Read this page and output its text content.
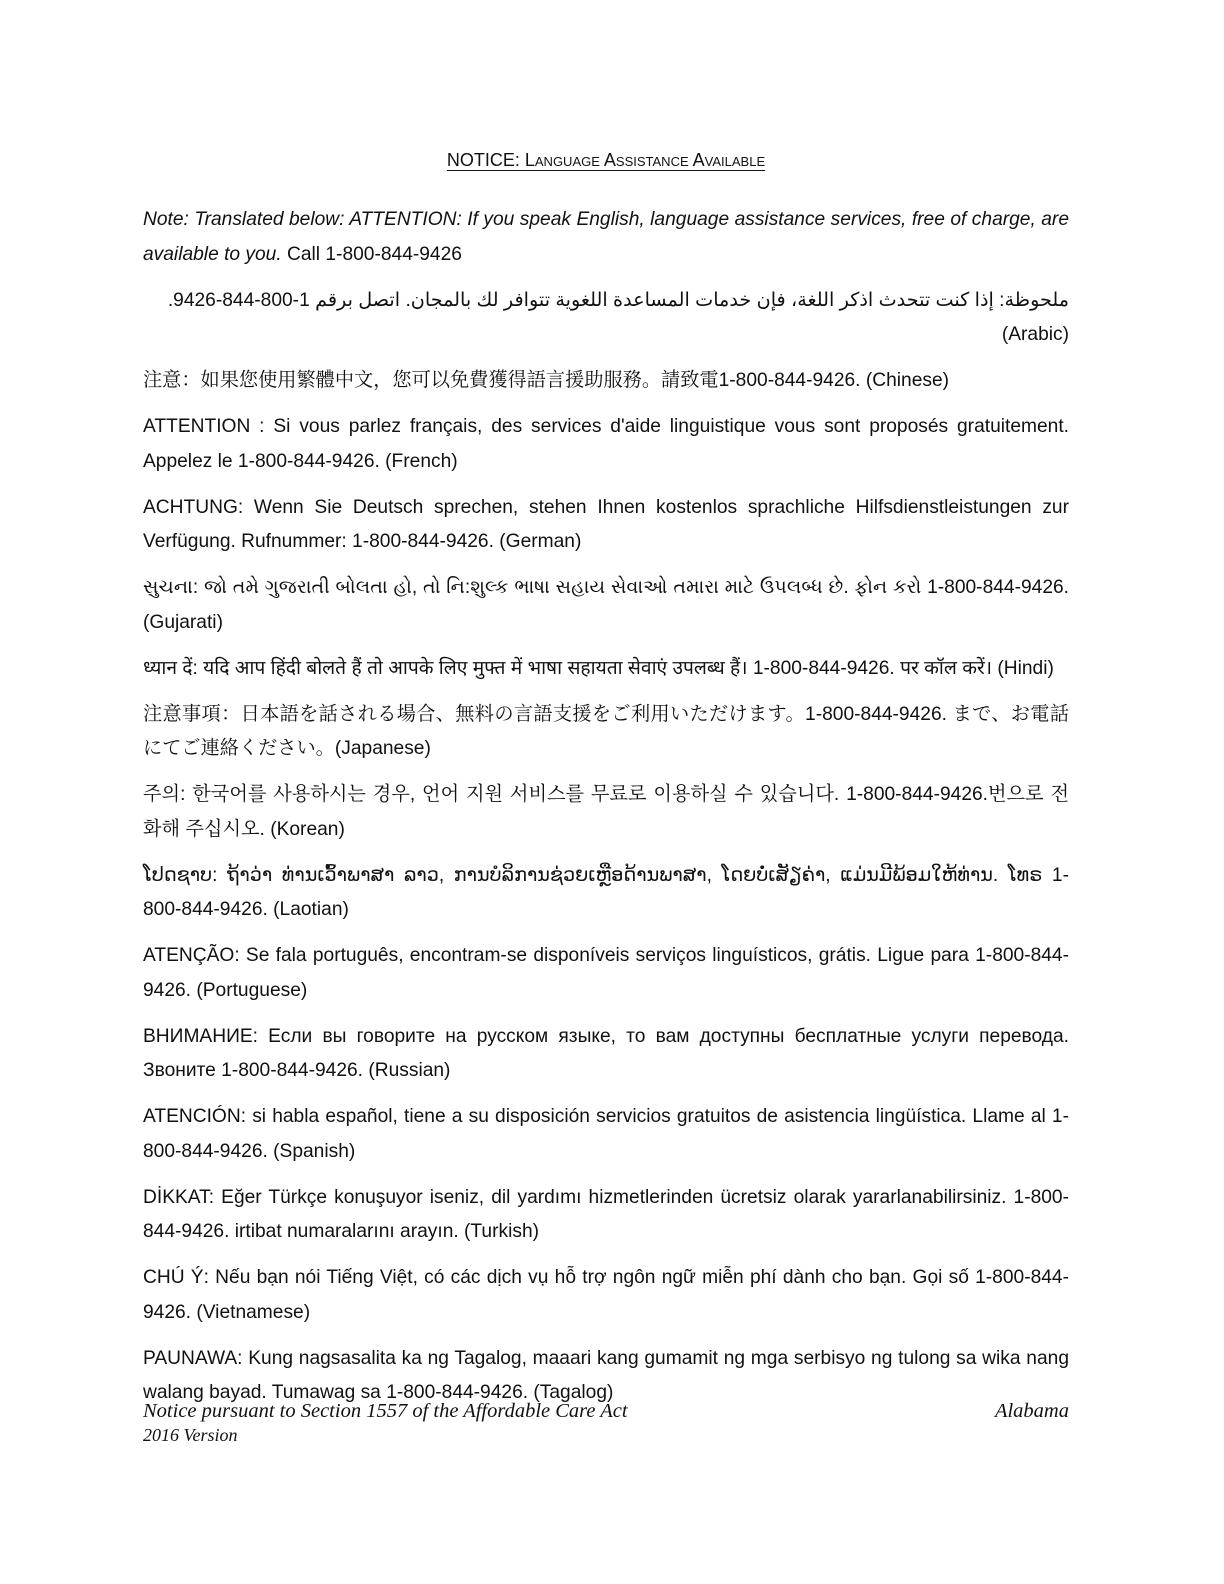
NOTICE: Language Assistance Available

Note: Translated below: ATTENTION: If you speak English, language assistance services, free of charge, are available to you. Call 1-800-844-9426

ملحوظة: إذا كنت تتحدث اذكر اللغة، فإن خدمات المساعدة اللغوية تتوافر لك بالمجان. اتصل برقم 1-800-844-9426.(Arabic)

注意：如果您使用繁體中文，您可以免費獲得語言援助服務。請致電1-800-844-9426. (Chinese)

ATTENTION : Si vous parlez français, des services d'aide linguistique vous sont proposés gratuitement. Appelez le 1-800-844-9426. (French)

ACHTUNG: Wenn Sie Deutsch sprechen, stehen Ihnen kostenlos sprachliche Hilfsdienstleistungen zur Verfügung. Rufnummer: 1-800-844-9426. (German)

સુચના: જો તમે ગુજરાતી બોલતા હો, તો નિ:શુલ્ક ભાષા સહાય સેવાઓ તમારા માટે ઉપલબ્ધ છે. ફોન કરો 1-800-844-9426. (Gujarati)

ध्यान दें: यदि आप हिंदी बोलते हैं तो आपके लिए मुफ्त में भाषा सहायता सेवाएं उपलब्ध हैं। 1-800-844-9426. पर कॉल करें। (Hindi)

注意事項：日本語を話される場合、無料の言語支援をご利用いただけます。1-800-844-9426. まで、お電話にてご連絡ください。(Japanese)

주의: 한국어를 사용하시는 경우, 언어 지원 서비스를 무료로 이용하실 수 있습니다. 1-800-844-9426.번으로 전화해 주십시오. (Korean)

ໂປດຊາບ: ຖ້າວ່າ ທ່ານເວົ້າພາສາ ລາວ, ການບໍລິການຊ່ວຍເຫຼືອດ້ານພາສາ, ໂດຍບໍ່ເສັຽຄ່າ, ແມ່ນມີພ້ອມໃຫ້ທ່ານ. ໂທຣ 1-800-844-9426. (Laotian)

ATENÇÃO: Se fala português, encontram-se disponíveis serviços linguísticos, grátis. Ligue para 1-800-844-9426. (Portuguese)

ВНИМАНИЕ: Если вы говорите на русском языке, то вам доступны бесплатные услуги перевода. Звоните 1-800-844-9426. (Russian)

ATENCIÓN: si habla español, tiene a su disposición servicios gratuitos de asistencia lingüística. Llame al 1-800-844-9426. (Spanish)

DİKKAT: Eğer Türkçe konuşuyor iseniz, dil yardımı hizmetlerinden ücretsiz olarak yararlanabilirsiniz. 1-800-844-9426. irtibat numaralarını arayın. (Turkish)

CHÚ Ý: Nếu bạn nói Tiếng Việt, có các dịch vụ hỗ trợ ngôn ngữ miễn phí dành cho bạn. Gọi số 1-800-844-9426. (Vietnamese)

PAUNAWA: Kung nagsasalita ka ng Tagalog, maaari kang gumamit ng mga serbisyo ng tulong sa wika nang walang bayad. Tumawag sa 1-800-844-9426. (Tagalog)

Notice pursuant to Section 1557 of the Affordable Care Act	Alabama
2016 Version
